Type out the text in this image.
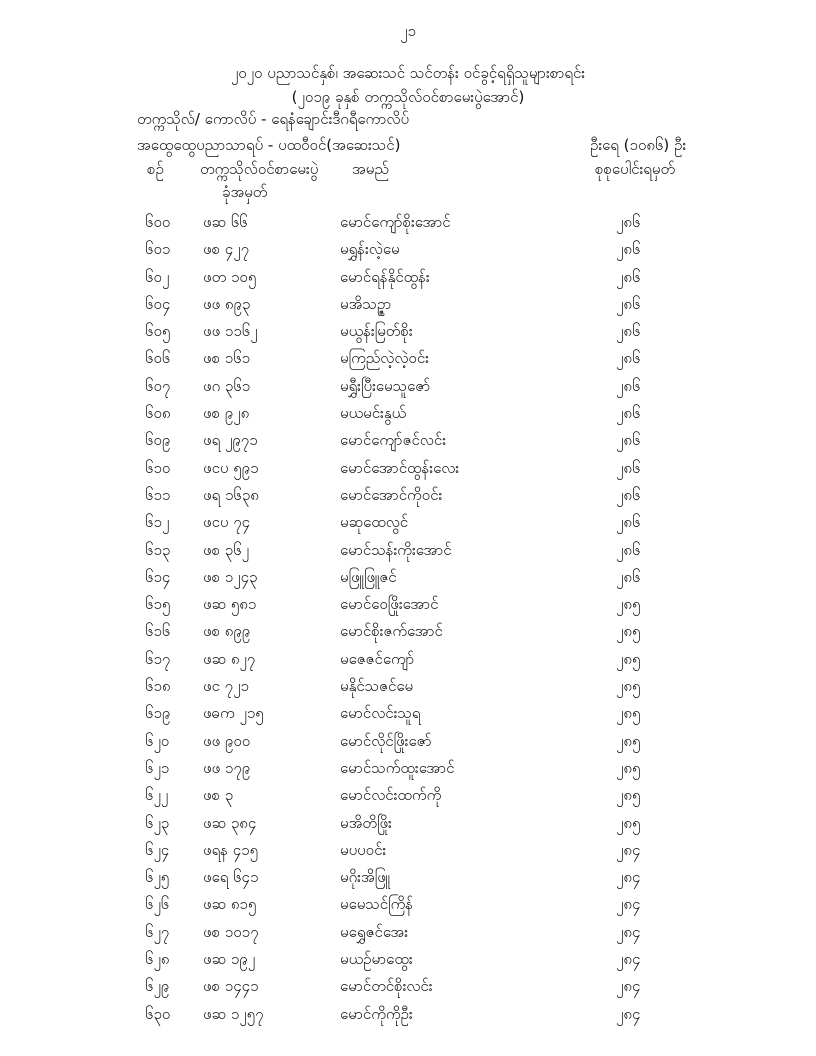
၂၁
၂၀၂၀ ပညာသင်နှစ်၊ အဆေးသင် သင်တန်း ဝင်ခွင့်ရရှိသူများစာရင်း
(၂၀၁၉ ခုနှစ် တက္ကသိုလ်ဝင်စာမေးပွဲအောင်)
တက္ကသိုလ်/ ကောလိပ် - ရေနံချောင်းဒီဂရီကောလိပ်
အထွေထွေပညာသာရပ် - ပထဝီဝင်(အဆေးသင်)	ဦးရေ (၁၀၈၆) ဦး
စဉ် တက္ကသိုလ်ဝင်စာမေးပွဲ
ခုံအမှတ်
အမည်	စုစုပေါင်းရမှတ်
၆၀၀ ဖဆ ၆၆	မောင်ကျော်စိုးအောင်	၂၈၆
၆၀၁ ဖစ ၄၂၇	မရွှန်းလဲ့မေ	၂၈၆
၆၀၂ ဖတ ၁၀၅	မောင်ရန်နိုင်ထွန်း	၂၈၆
၆၀၄ ဖဖ ၈၉၃	မအိသဉ္ဇာ	၂၈၆
၆၀၅ ဖဖ ၁၁၆၂	မယွန်းမြတ်စိုး	၂၈၆
၆၀၆ ဖစ ၁၆၁	မကြည်လဲ့လဲ့ဝင်း	၂၈၆
၆၀၇ ဖဂ ၃၆၁	မရွှီးပြီးမေသူဇော်	၂၈၆
၆၀၈ ဖစ ၉၂၈	မယမင်းနွယ်	၂၈၆
၆၀၉ ဖရ ၂၉၇၁	မောင်ကျော်ဇင်လင်း	၂၈၆
၆၁၀ ဖငပ ၅၉၁	မောင်အောင်ထွန်းလေး	၂၈၆
၆၁၁ ဖရ ၁၆၃၈	မောင်အောင်ကိုဝင်း	၂၈၆
၆၁၂ ဖငပ ၇၄	မဆုထေလွင်	၂၈၆
၆၁၃ ဖစ ၃၆၂	မောင်သန်းကိုးအောင်	၂၈၆
၆၁၄ ဖစ ၁၂၄၃	မဖြူဖြူဇင်	၂၈၆
၆၁၅ ဖဆ ၅၈၁	မောင်ဝေဖြိုးအောင်	၂၈၅
၆၁၆ ဖစ ၈၉၉	မောင်စိုးဇက်အောင်	၂၈၅
၆၁၇ ဖဆ ၈၂၇	မဇေဇင်ကျော်	၂၈၅
၆၁၈ ဖင ၇၂၁	မနိုင်သဇင်မေ	၂၈၅
၆၁၉ ဖဓက ၂၁၅	မောင်လင်းသူရ	၂၈၅
၆၂၀ ဖဖ ၉၀၀	မောင်လိုင်ဖြိုးဇော်	၂၈၅
၆၂၁ ဖဖ ၁၇၉	မောင်သက်ထူးအောင်	၂၈၅
၆၂၂ ဖစ ၃	မောင်လင်းထက်ကို	၂၈၅
၆၂၃ ဖဆ ၃၈၄	မအိတိဖြိုး	၂၈၅
၆၂၄ ဖရန ၄၁၅	မပပဝင်း	၂၈၄
၆၂၅ ဖရေ ၆၄၁	မဂိုးအိဖြူ	၂၈၄
၆၂၆ ဖဆ ၈၁၅	မမေသင်ကြိန်	၂၈၄
၆၂၇ ဖစ ၁၀၁၇	မရွှေဇင်အေး	၂၈၄
၆၂၈ ဖဆ ၁၉၂	မယဉ်မာထွေး	၂၈၄
၆၂၉ ဖစ ၁၄၄၁	မောင်တင်စိုးလင်း	၂၈၄
၆၃၀ ဖဆ ၁၂၅၇	မောင်ကိုကိုဦး	၂၈၄
